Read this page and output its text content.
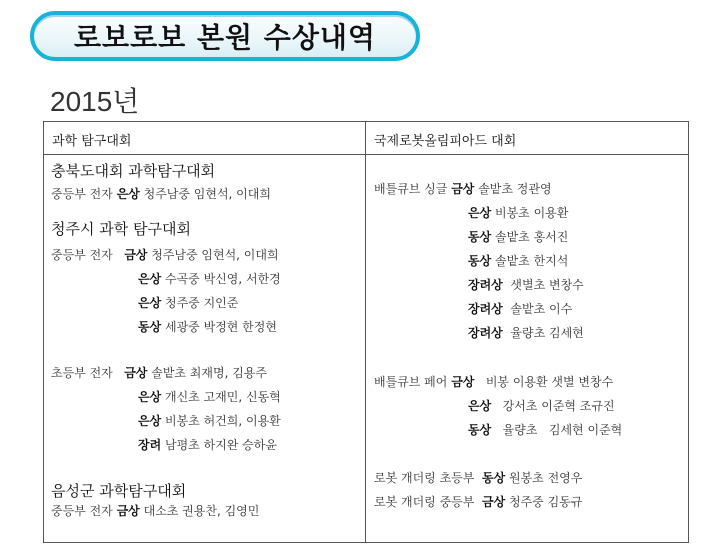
로보로보 본원 수상내역
2015년
과학 탐구대회	국제로봇올림피아드 대회
충북도대회 과학탐구대회
중등부 전자 은상 청주남중 임현석, 이대희
청주시 과학 탐구대회
중등부 전자   금상 청주남중 임현석, 이대희
은상 수곡중 박신영, 서한경
은상 청주중 지인준
동상 세광중 박정현 한정현
초등부 전자   금상 솔밭초 최재명, 김용주
은상 개신초 고재민, 신동혁
은상 비봉초 허건희, 이용환
장려 남평초 하지완 승하윤
음성군 과학탐구대회
중등부 전자 금상 대소초 권용찬, 김영민
배틀큐브 싱글 금상 솔밭초 정관영
은상 비봉초 이용환
동상 솔밭초 홍서진
동상 솔밭초 한지석
장려상  샛별초 변창수
장려상  솔밭초 이수
장려상  율량초 김세현
배틀큐브 페어 금상   비봉 이용환 샛별 변창수
은상   강서초 이준혁 조규진
동상   율량초   김세현 이준혁
로봇 개더링 초등부  동상 원봉초 전영우
로봇 개더링 중등부  금상 청주중 김동규
